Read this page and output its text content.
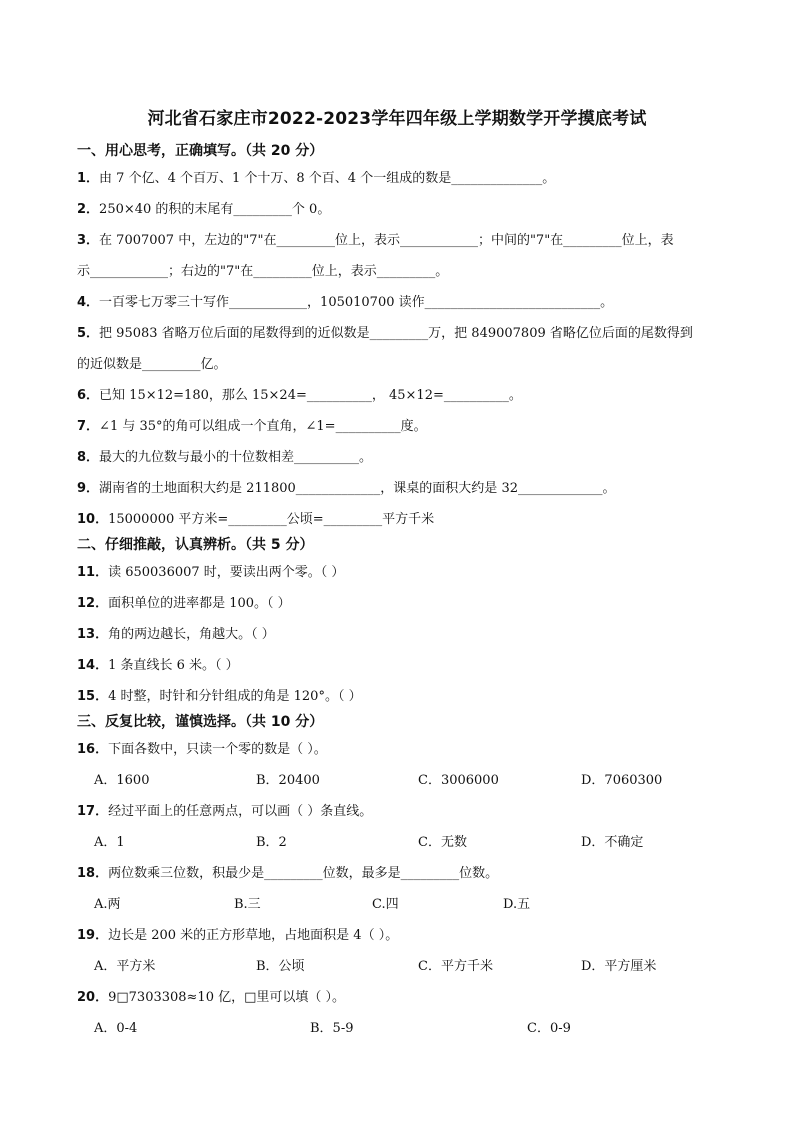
河北省石家庄市2022-2023学年四年级上学期数学开学摸底考试
一、用心思考，正确填写。（共 20 分）
1．由 7 个亿、4 个百万、1 个十万、8 个百、4 个一组成的数是______________。
2．250×40 的积的末尾有_________个 0。
3．在 7007007 中，左边的"7"在_________位上，表示____________；中间的"7"在_________位上，表
示____________；右边的"7"在_________位上，表示_________。
4．一百零七万零三十写作____________，105010700 读作___________________________。
5．把 95083 省略万位后面的尾数得到的近似数是_________万，把 849007809 省略亿位后面的尾数得到
的近似数是_________亿。
6．已知 15×12=180，那么 15×24=__________， 45×12=__________。
7．∠1 与 35°的角可以组成一个直角，∠1=__________度。
8．最大的九位数与最小的十位数相差__________。
9．湖南省的土地面积大约是 211800_____________，课桌的面积大约是 32_____________。
10．15000000 平方米=_________公顷=_________平方千米
二、仔细推敲，认真辨析。（共 5 分）
11．读 650036007 时，要读出两个零。（ ）
12．面积单位的进率都是 100。（ ）
13．角的两边越长，角越大。（ ）
14．1 条直线长 6 米。（ ）
15．4 时整，时针和分针组成的角是 120°。（ ）
三、反复比较，谨慎选择。（共 10 分）
16．下面各数中，只读一个零的数是（ ）。
A．1600	B．20400	C．3006000	D．7060300
17．经过平面上的任意两点，可以画（ ）条直线。
A．1	B．2	C．无数	D．不确定
18．两位数乘三位数，积最少是_________位数，最多是_________位数。
A.两	B.三	C.四	D.五
19．边长是 200 米的正方形草地，占地面积是 4（ ）。
A．平方米	B．公顷	C．平方千米	D．平方厘米
20．9□7303308≈10 亿，□里可以填（ ）。
A．0-4	B．5-9	C．0-9
